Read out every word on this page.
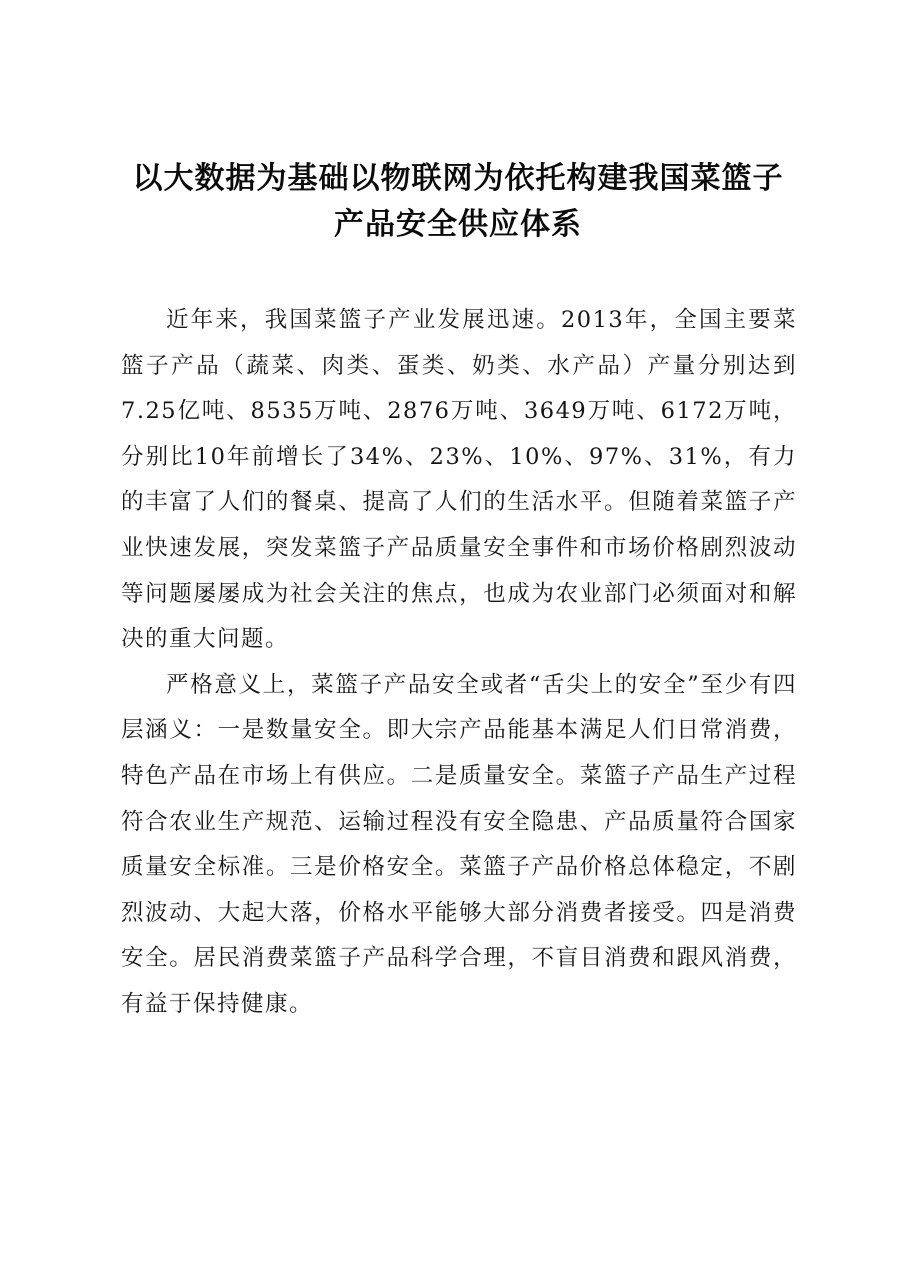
以大数据为基础以物联网为依托构建我国菜篮子产品安全供应体系

近年来，我国菜篮子产业发展迅速。2013年，全国主要菜篮子产品（蔬菜、肉类、蛋类、奶类、水产品）产量分别达到7.25亿吨、8535万吨、2876万吨、3649万吨、6172万吨，分别比10年前增长了34%、23%、10%、97%、31%，有力的丰富了人们的餐桌、提高了人们的生活水平。但随着菜篮子产业快速发展，突发菜篮子产品质量安全事件和市场价格剧烈波动等问题屡屡成为社会关注的焦点，也成为农业部门必须面对和解决的重大问题。

严格意义上，菜篮子产品安全或者“舌尖上的安全”至少有四层涵义：一是数量安全。即大宗产品能基本满足人们日常消费，特色产品在市场上有供应。二是质量安全。菜篮子产品生产过程符合农业生产规范、运输过程没有安全隐患、产品质量符合国家质量安全标准。三是价格安全。菜篮子产品价格总体稳定，不剧烈波动、大起大落，价格水平能够大部分消费者接受。四是消费安全。居民消费菜篮子产品科学合理，不盲目消费和跟风消费，有益于保持健康。
